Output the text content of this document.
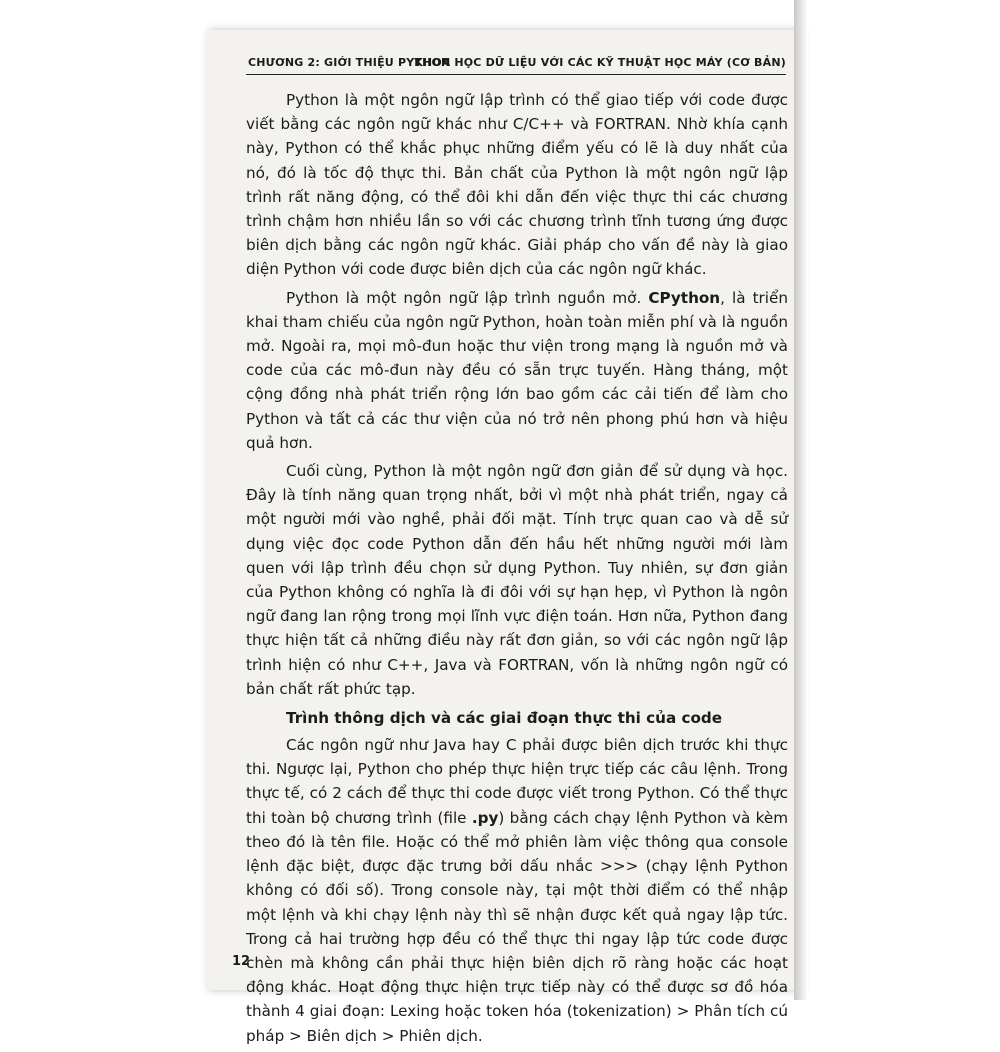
CHƯƠNG 2: GIỚI THIỆU PYTHON
KHOA HỌC DỮ LIỆU VỚI CÁC KỸ THUẬT HỌC MÁY (CƠ BẢN)

Python là một ngôn ngữ lập trình có thể giao tiếp với code được viết bằng các ngôn ngữ khác như C/C++ và FORTRAN. Nhờ khía cạnh này, Python có thể khắc phục những điểm yếu có lẽ là duy nhất của nó, đó là tốc độ thực thi. Bản chất của Python là một ngôn ngữ lập trình rất năng động, có thể đôi khi dẫn đến việc thực thi các chương trình chậm hơn nhiều lần so với các chương trình tĩnh tương ứng được biên dịch bằng các ngôn ngữ khác. Giải pháp cho vấn đề này là giao diện Python với code được biên dịch của các ngôn ngữ khác.

Python là một ngôn ngữ lập trình nguồn mở. CPython, là triển khai tham chiếu của ngôn ngữ Python, hoàn toàn miễn phí và là nguồn mở. Ngoài ra, mọi mô-đun hoặc thư viện trong mạng là nguồn mở và code của các mô-đun này đều có sẵn trực tuyến. Hàng tháng, một cộng đồng nhà phát triển rộng lớn bao gồm các cải tiến để làm cho Python và tất cả các thư viện của nó trở nên phong phú hơn và hiệu quả hơn.

Cuối cùng, Python là một ngôn ngữ đơn giản để sử dụng và học. Đây là tính năng quan trọng nhất, bởi vì một nhà phát triển, ngay cả một người mới vào nghề, phải đối mặt. Tính trực quan cao và dễ sử dụng việc đọc code Python dẫn đến hầu hết những người mới làm quen với lập trình đều chọn sử dụng Python. Tuy nhiên, sự đơn giản của Python không có nghĩa là đi đôi với sự hạn hẹp, vì Python là ngôn ngữ đang lan rộng trong mọi lĩnh vực điện toán. Hơn nữa, Python đang thực hiện tất cả những điều này rất đơn giản, so với các ngôn ngữ lập trình hiện có như C++, Java và FORTRAN, vốn là những ngôn ngữ có bản chất rất phức tạp.

Trình thông dịch và các giai đoạn thực thi của code

Các ngôn ngữ như Java hay C phải được biên dịch trước khi thực thi. Ngược lại, Python cho phép thực hiện trực tiếp các câu lệnh. Trong thực tế, có 2 cách để thực thi code được viết trong Python. Có thể thực thi toàn bộ chương trình (file .py) bằng cách chạy lệnh Python và kèm theo đó là tên file. Hoặc có thể mở phiên làm việc thông qua console lệnh đặc biệt, được đặc trưng bởi dấu nhắc >>> (chạy lệnh Python không có đối số). Trong console này, tại một thời điểm có thể nhập một lệnh và khi chạy lệnh này thì sẽ nhận được kết quả ngay lập tức. Trong cả hai trường hợp đều có thể thực thi ngay lập tức code được chèn mà không cần phải thực hiện biên dịch rõ ràng hoặc các hoạt động khác. Hoạt động thực hiện trực tiếp này có thể được sơ đồ hóa thành 4 giai đoạn: Lexing hoặc token hóa (tokenization) > Phân tích cú pháp > Biên dịch > Phiên dịch.

12
